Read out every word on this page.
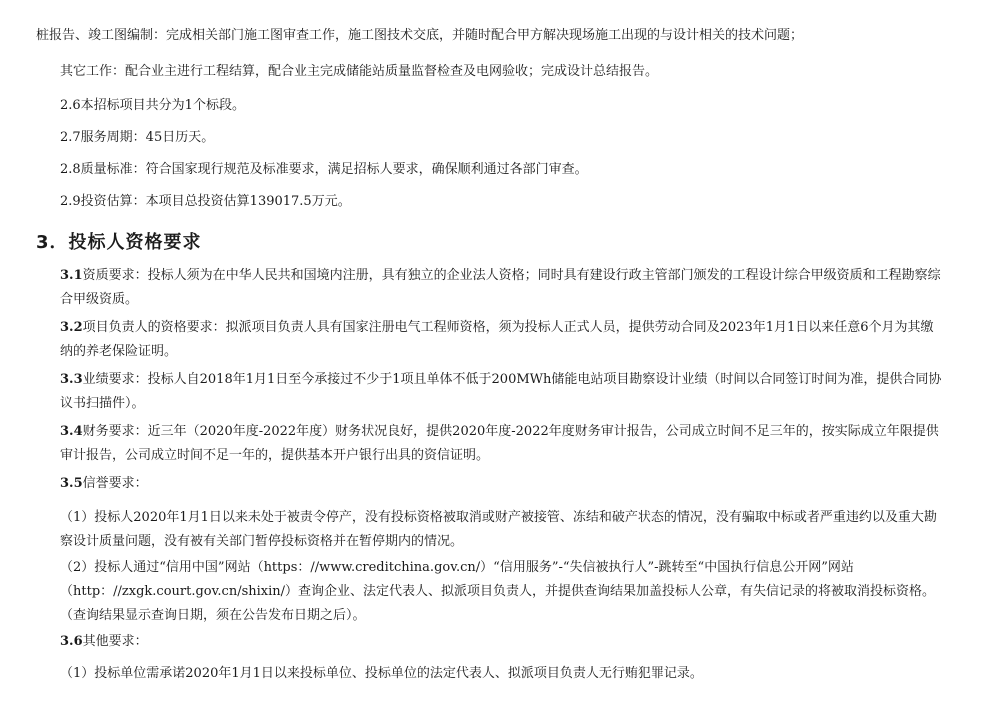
桩报告、竣工图编制：完成相关部门施工图审查工作，施工图技术交底，并随时配合甲方解决现场施工出现的与设计相关的技术问题；

其它工作：配合业主进行工程结算，配合业主完成储能站质量监督检查及电网验收；完成设计总结报告。

2.6本招标项目共分为1个标段。

2.7服务周期：45日历天。

2.8质量标准：符合国家现行规范及标准要求，满足招标人要求，确保顺利通过各部门审查。

2.9投资估算：本项目总投资估算139017.5万元。

3．投标人资格要求

3.1资质要求：投标人须为在中华人民共和国境内注册，具有独立的企业法人资格；同时具有建设行政主管部门颁发的工程设计综合甲级资质和工程勘察综合甲级资质。

3.2项目负责人的资格要求：拟派项目负责人具有国家注册电气工程师资格，须为投标人正式人员，提供劳动合同及2023年1月1日以来任意6个月为其缴纳的养老保险证明。

3.3业绩要求：投标人自2018年1月1日至今承接过不少于1项且单体不低于200MWh储能电站项目勘察设计业绩（时间以合同签订时间为准，提供合同协议书扫描件）。

3.4财务要求：近三年（2020年度-2022年度）财务状况良好，提供2020年度-2022年度财务审计报告，公司成立时间不足三年的，按实际成立年限提供审计报告，公司成立时间不足一年的，提供基本开户银行出具的资信证明。

3.5信誉要求：

（1）投标人2020年1月1日以来未处于被责令停产，没有投标资格被取消或财产被接管、冻结和破产状态的情况，没有骗取中标或者严重违约以及重大勘察设计质量问题，没有被有关部门暂停投标资格并在暂停期内的情况。

（2）投标人通过“信用中国”网站（https：//www.creditchina.gov.cn/）“信用服务”-“失信被执行人”-跳转至“中国执行信息公开网”网站（http：//zxgk.court.gov.cn/shixin/）查询企业、法定代表人、拟派项目负责人，并提供查询结果加盖投标人公章，有失信记录的将被取消投标资格。（查询结果显示查询日期，须在公告发布日期之后）。

3.6其他要求：

（1）投标单位需承诺2020年1月1日以来投标单位、投标单位的法定代表人、拟派项目负责人无行贿犯罪记录。
